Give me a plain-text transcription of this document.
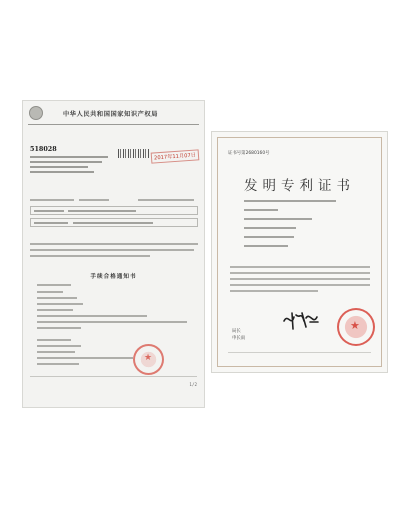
中华人民共和国国家知识产权局
518028
2017年11月07日
手续合格通知书
★
1/2
证书号第2680160号
发明专利证书
局长
申长雨
★
